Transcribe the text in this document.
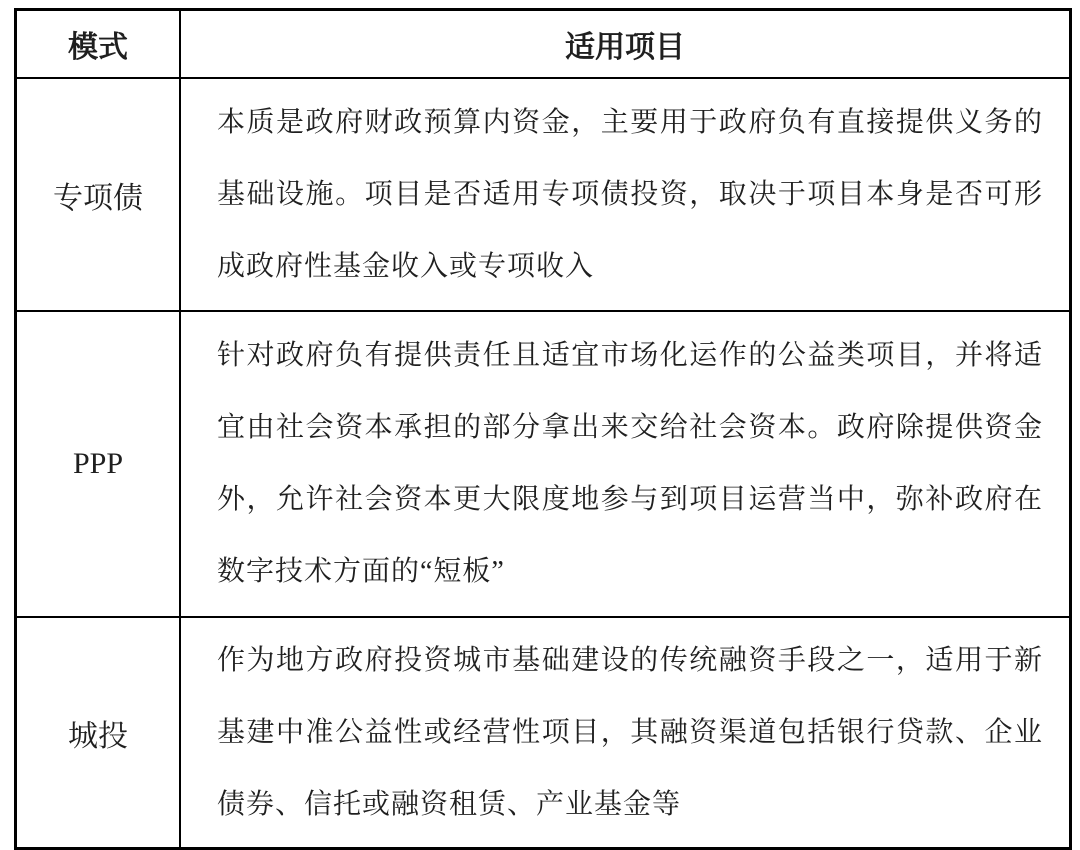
模式	适用项目
专项债	本质是政府财政预算内资金，主要用于政府负有直接提供义务的基础设施。项目是否适用专项债投资，取决于项目本身是否可形成政府性基金收入或专项收入

PPP	针对政府负有提供责任且适宜市场化运作的公益类项目，并将适宜由社会资本承担的部分拿出来交给社会资本。政府除提供资金外，允许社会资本更大限度地参与到项目运营当中，弥补政府在数字技术方面的“短板”

城投	作为地方政府投资城市基础建设的传统融资手段之一，适用于新基建中准公益性或经营性项目，其融资渠道包括银行贷款、企业债券、信托或融资租赁、产业基金等
